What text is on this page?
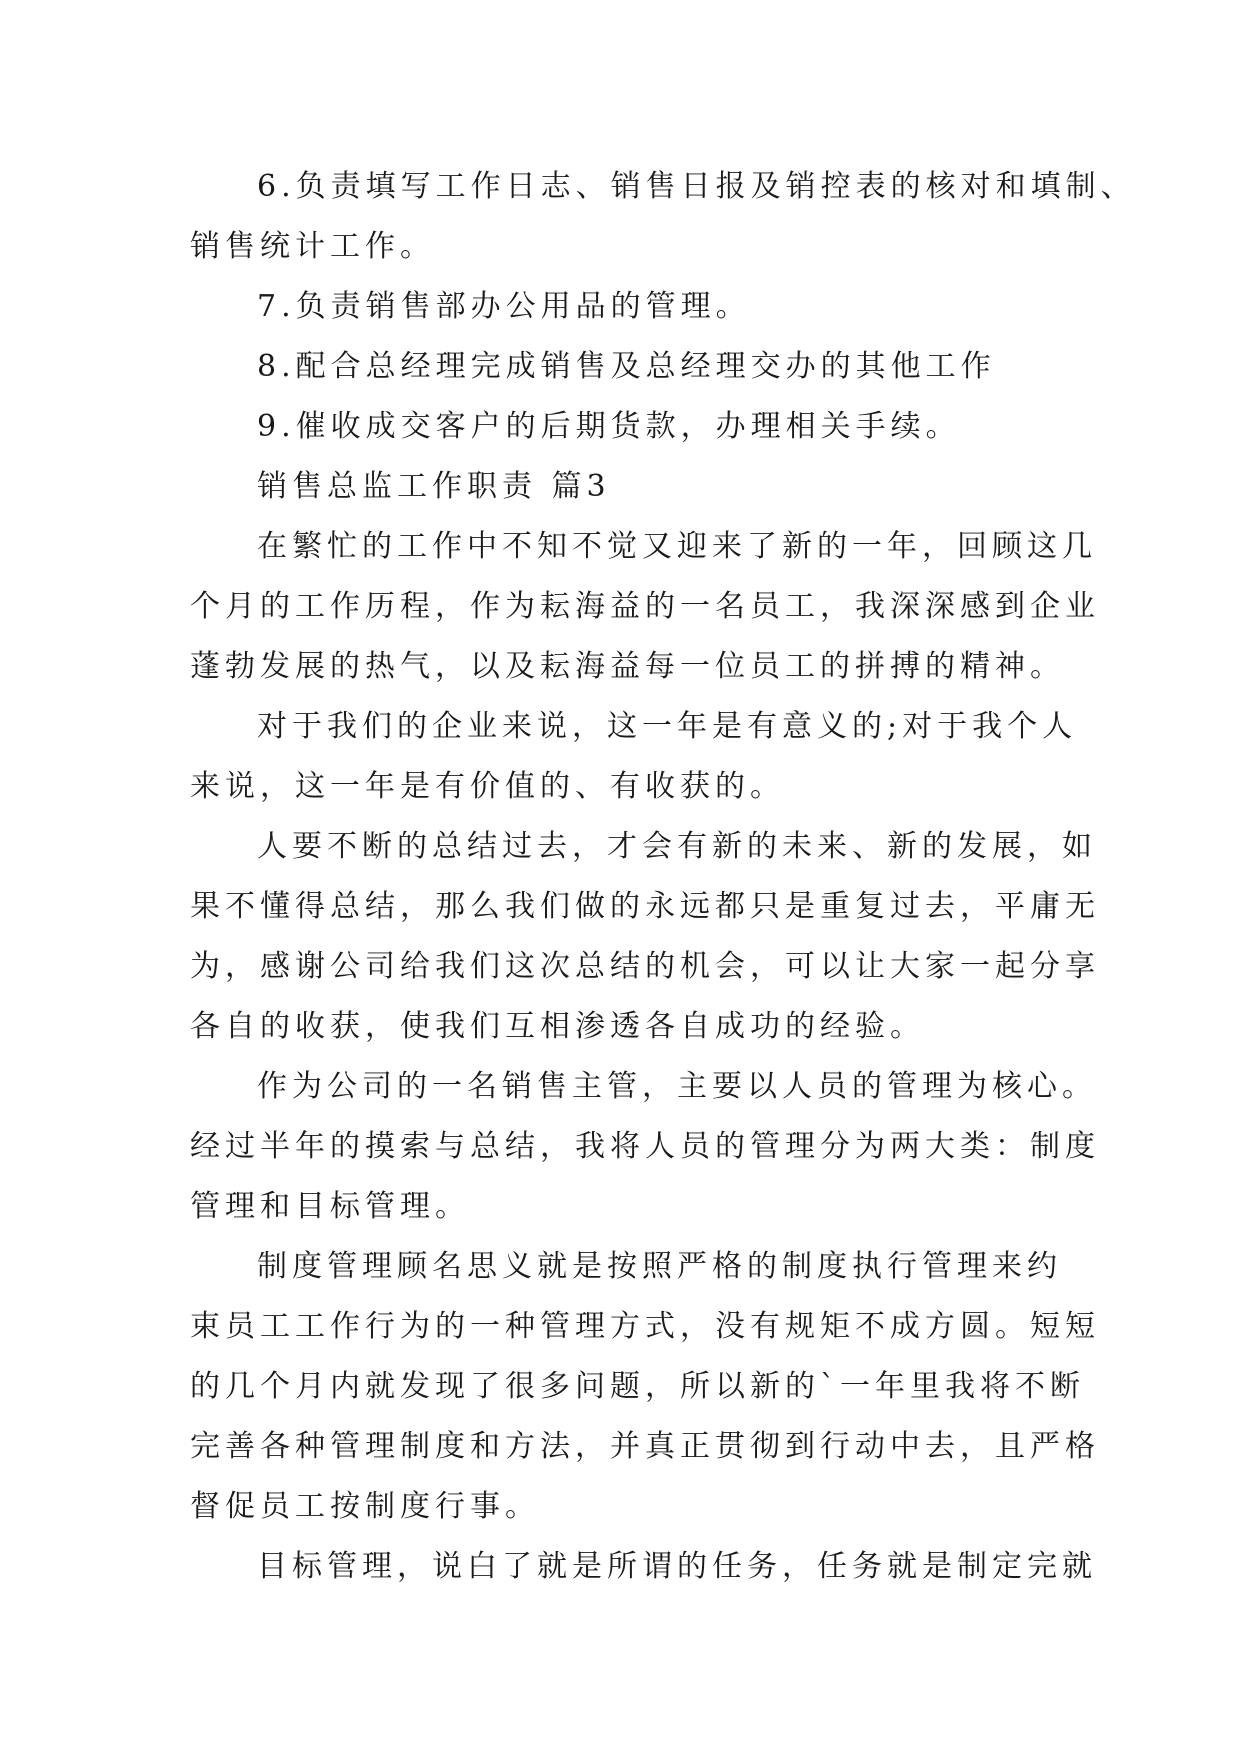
6.负责填写工作日志、销售日报及销控表的核对和填制、
销售统计工作。
7.负责销售部办公用品的管理。
8.配合总经理完成销售及总经理交办的其他工作
9.催收成交客户的后期货款，办理相关手续。
销售总监工作职责 篇3
在繁忙的工作中不知不觉又迎来了新的一年，回顾这几
个月的工作历程，作为耘海益的一名员工，我深深感到企业
蓬勃发展的热气，以及耘海益每一位员工的拼搏的精神。
对于我们的企业来说，这一年是有意义的;对于我个人
来说，这一年是有价值的、有收获的。
人要不断的总结过去，才会有新的未来、新的发展，如
果不懂得总结，那么我们做的永远都只是重复过去，平庸无
为，感谢公司给我们这次总结的机会，可以让大家一起分享
各自的收获，使我们互相渗透各自成功的经验。
作为公司的一名销售主管，主要以人员的管理为核心。
经过半年的摸索与总结，我将人员的管理分为两大类：制度
管理和目标管理。
制度管理顾名思义就是按照严格的制度执行管理来约
束员工工作行为的一种管理方式，没有规矩不成方圆。短短
的几个月内就发现了很多问题，所以新的`一年里我将不断
完善各种管理制度和方法，并真正贯彻到行动中去，且严格
督促员工按制度行事。
目标管理，说白了就是所谓的任务，任务就是制定完就
